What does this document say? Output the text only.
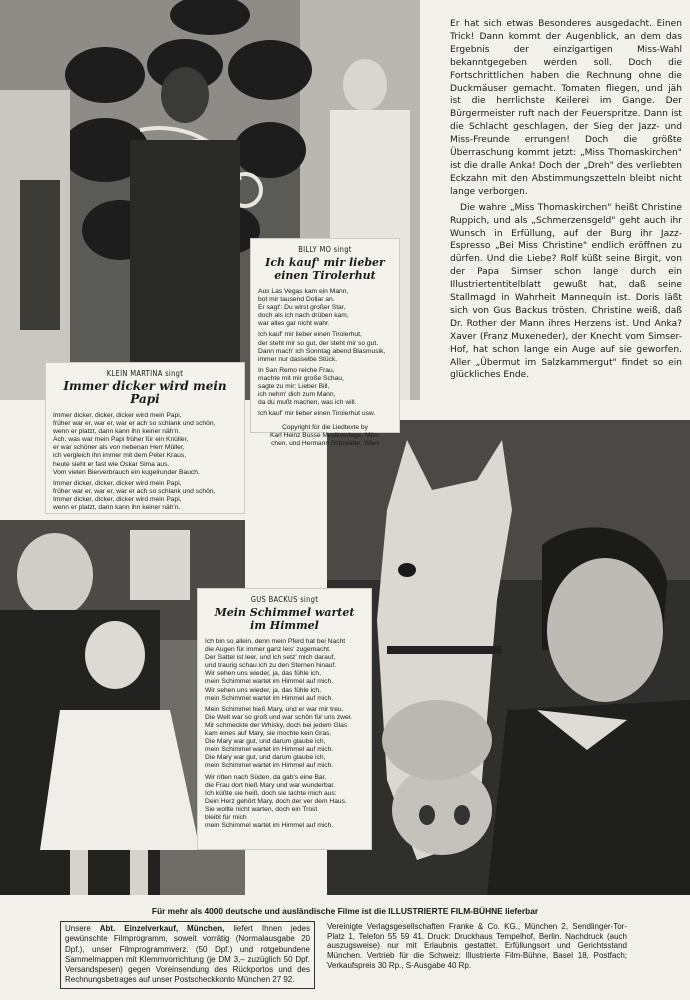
Er hat sich etwas Besonderes ausgedacht. Einen Trick! Dann kommt der Augenblick, an dem das Ergebnis der einzigartigen Miss-Wahl bekanntgegeben werden soll. Doch die Fortschrittlichen haben die Rechnung ohne die Duckmäuser gemacht. Tomaten fliegen, und jäh ist die herrlichste Keilerei im Gange. Der Bürgermeister ruft nach der Feuerspritze. Dann ist die Schlacht geschlagen, der Sieg der Jazz- und Miss-Freunde errungen! Doch die größte Überraschung kommt jetzt: „Miss Thomaskirchen" ist die dralle Anka! Doch der „Dreh" des verliebten Eckzahn mit den Abstimmungszetteln bleibt nicht lange verborgen.

Die wahre „Miss Thomaskirchen" heißt Christine Ruppich, und als „Schmerzensgeld" geht auch ihr Wunsch in Erfüllung, auf der Burg ihr Jazz-Espresso „Bei Miss Christine" endlich eröffnen zu dürfen. Und die Liebe? Rolf küßt seine Birgit, von der Papa Simser schon lange durch ein Illustriertentitelblatt gewußt hat, daß seine Stallmagd in Wahrheit Mannequin ist. Doris läßt sich von Gus Backus trösten. Christine weiß, daß Dr. Rother der Mann ihres Herzens ist. Und Anka? Xaver (Franz Muxeneder), der Knecht vom Simser-Hof, hat schon lange ein Auge auf sie geworfen. Aller „Übermut im Salzkammergut" findet so ein glückliches Ende.

BILLY MO singt

Ich kauf' mir lieber einen Tirolerhut

Aus Las Vegas kam ein Mann,
bot mir tausend Dollar an.
Er sagt': Du wirst großer Star,
doch als ich nach drüben kam,
war alles gar nicht wahr.

Ich kauf' mir lieber einen Tirolerhut,
der steht mir so gut, der steht mir so gut.
Dann mach' ich Sonntag abend Blasmusik,
immer nur dasselbe Stück.

In San Remo reiche Frau,
machte mit mir große Schau,
sagte zu mir: Lieber Bill,
ich nehm' dich zum Mann,
da du mußt machen, was ich will.

Ich kauf' mir lieber einen Tirolerhut usw.

Copyright für die Liedtexte by
Karl Heinz Busse Musikverlage, Mün-
chen, und Hermann Schneider, Wien

KLEIN MARTINA singt

Immer dicker wird mein Papi

Immer dicker, dicker, dicker wird mein Papi,
früher war er, war er, war er ach so schlank und schön,
wenn er platzt, dann kann ihn keiner näh'n.
Ach, was war mein Papi früher für ein Knüller,
er war schöner als von nebenan Herr Müller,
ich vergleich ihn immer mit dem Peter Kraus,
heute sieht er fast wie Oskar Sima aus.
Vom vielen Bierverbrauch ein kugelrunder Bauch.

Immer dicker, dicker, dicker wird mein Papi,
früher war er, war er, war er ach so schlank und schön,
Immer dicker, dicker, dicker wird mein Papi,
wenn er platzt, dann kann ihn keiner näh'n.

GUS BACKUS singt

Mein Schimmel wartet im Himmel

Ich bin so allein, denn mein Pferd hat bei Nacht
die Augen für immer ganz leis' zugemacht.
Der Sattel ist leer, und ich setz' mich darauf,
und traurig schau ich zu den Sternen hinauf.
Wir sehen uns wieder, ja, das fühle ich,
mein Schimmel wartet im Himmel auf mich.
Wir sehen uns wieder, ja, das fühle ich,
mein Schimmel wartet im Himmel auf mich.

Mein Schimmel hieß Mary, und er war mir treu.
Die Welt war so groß und war schön für uns zwei.
Mir schmeckte der Whisky, doch bei jedem Glas
kam eines auf Mary, sie mochte kein Gras.
Die Mary war gut, und darum glaube ich,
mein Schimmel wartet im Himmel auf mich.
Die Mary war gut, und darum glaube ich,
mein Schimmel wartet im Himmel auf mich.

Wir ritten nach Süden, da gab's eine Bar,
die Frau dort hieß Mary und war wunderbar.
Ich küßte sie heiß, doch sie lachte mich aus:
Dein Herz gehört Mary, doch der ver dem Haus.
Sie wollte nicht warten, doch ein Trost
bleibt für mich
mein Schimmel wartet im Himmel auf mich.

Für mehr als 4000 deutsche und ausländische Filme ist die ILLUSTRIERTE FILM-BÜHNE lieferbar
Unsere Abt. Einzelverkauf, München, liefert Ihnen jedes gewünschte Filmprogramm, soweit vorrätig (Normalausgabe 20 Dpf.), unser Filmprogrammverz. (50 Dpf.) und rotgebundene Sammelmappen mit Klemmvorrichtung (je DM 3,– zuzüglich 50 Dpf. Versandspesen) gegen Voreinsendung des Rückportos und des Rechnungsbetrages auf unser Postscheckkonto München 27 92.
Vereinigte Verlagsgesellschaften Franke & Co. KG., München 2, Sendlinger-Tor-Platz 1, Telefon 55 59 41. Druck: Druckhaus Tempelhof, Berlin. Nachdruck (auch auszugsweise) nur mit Erlaubnis gestattet. Erfüllungsort und Gerichtsstand München. Vertrieb für die Schweiz: Illustrierte Film-Bühne, Basel 18, Postfach; Verkaufspreis 30 Rp., S-Ausgabe 40 Rp.
